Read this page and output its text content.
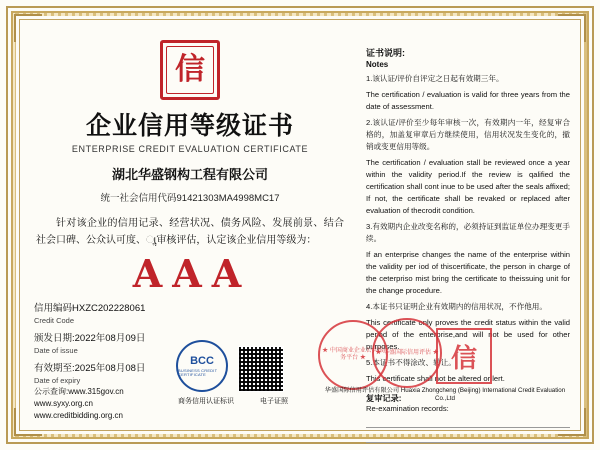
信
企业信用等级证书
ENTERPRISE CREDIT EVALUATION CERTIFICATE
湖北华盛钢构工程有限公司
统一社会信用代码91421303MA4998MC17
针对该企业的信用记录、经营状况、债务风险、发展前景、结合社会口碑、公众认可度、ાૣ审核评估，认定该企业信用等级为：
AAA
信用编码HXZC202228061
Credit Code
颁发日期:2022年08月09日
Date of issue
有效期至:2025年08月08日
Date of expiry
公示查询:www.315gov.cn
www.syxy.org.cn
www.creditbidding.org.cn
证书说明:
Notes

1.该认证/评价自评定之日起有效期三年。

The certification / evaluation is valid for three years from the date of assessment.

2.该认证/评价至少每年审核一次，有效期内一年，经复审合格的，加盖复审章后方继续使用，信用状况发生变化的，撤销或变更信用等级。

The certification / evaluation stall be reviewed once a year within the validity period.If the review is qalified the certification shall cont inue to be used after the seals affixed; If not, the certificate shall be revaked or replaced after evaluation of thecrodit condition.

3.有效期内企业改变名称的，必须持证到监证单位办理变更手续。

If an enterprise changes the name of the enterprise within the validity per iod of thiscertificate, the person in charge of the ceterpriso mist bring the certificate to theissuing unit for the change procedure.

4.本证书只证明企业有效期内的信用状况，不作他用。

This certificate only proves the credit status within the valid period of the enterprise,and will not be used for other purposes.

5.本证书不得涂改、转让。

This certificate shall not be altered or lert.

复审记录:
Re-examination records:
BCC
BUSINESS CREDIT CERTIFICATE
商务信用认证标识	电子证照
★ 中国商业企业公共服务平台 ★
★ 华盛国际信用评估 ★ 信
华盛国际信用评估有限公司 Huaxia Zhongcheng (Beijing) International Credit Evaluation Co.,Ltd
